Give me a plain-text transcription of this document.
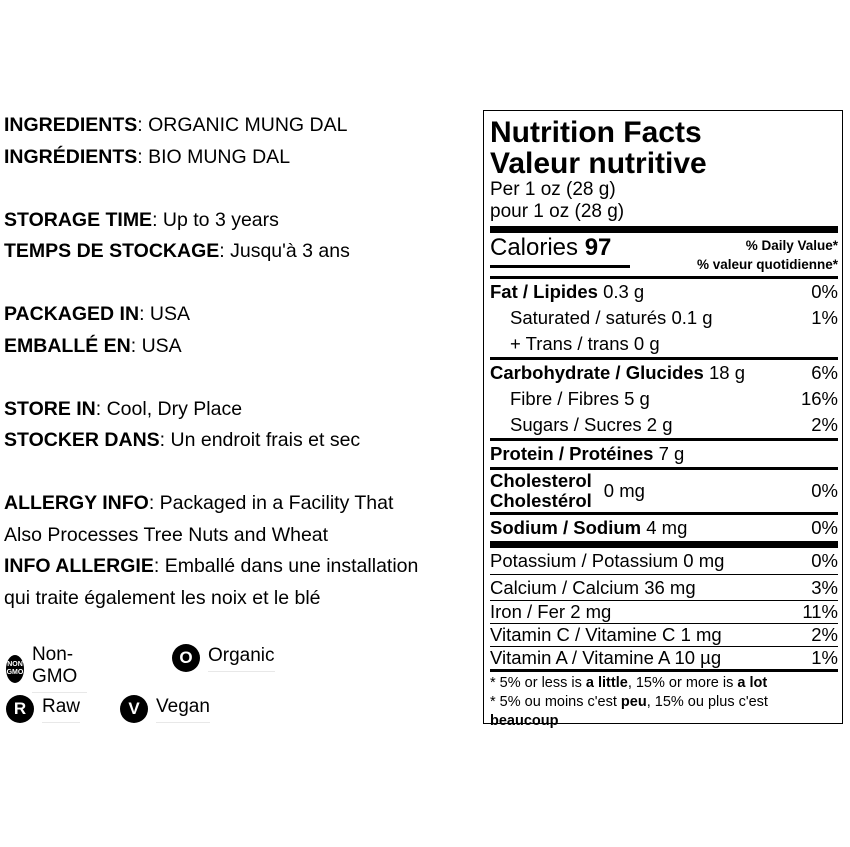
INGREDIENTS: ORGANIC MUNG DAL
INGRÉDIENTS: BIO MUNG DAL
STORAGE TIME: Up to 3 years
TEMPS DE STOCKAGE: Jusqu'à 3 ans
PACKAGED IN: USA
EMBALLÉ EN: USA
STORE IN: Cool, Dry Place
STOCKER DANS: Un endroit frais et sec
ALLERGY INFO: Packaged in a Facility That
Also Processes Tree Nuts and Wheat
INFO ALLERGIE: Emballé dans une installation
qui traite également les noix et le blé
NON
GMO
Non-GMO
O Organic
R Raw	V Vegan
Nutrition Facts
Valeur nutritive
Per 1 oz (28 g)
pour 1 oz (28 g)
Calories 97	% Daily Value*
% valeur quotidienne*
Fat / Lipides 0.3 g	0%
Saturated / saturés 0.1 g	1%
+ Trans / trans 0 g
Carbohydrate / Glucides 18 g	6%
Fibre / Fibres 5 g	16%
Sugars / Sucres 2 g	2%
Protein / Protéines 7 g
Cholesterol
Cholestérol 0 mg	0%
Sodium / Sodium 4 mg	0%
Potassium / Potassium 0 mg	0%
Calcium / Calcium 36 mg	3%
Iron / Fer 2 mg	11%
Vitamin C / Vitamine C 1 mg	2%
Vitamin A / Vitamine A 10 µg	1%
* 5% or less is a little, 15% or more is a lot
* 5% ou moins c'est peu, 15% ou plus c'est
beaucoup
